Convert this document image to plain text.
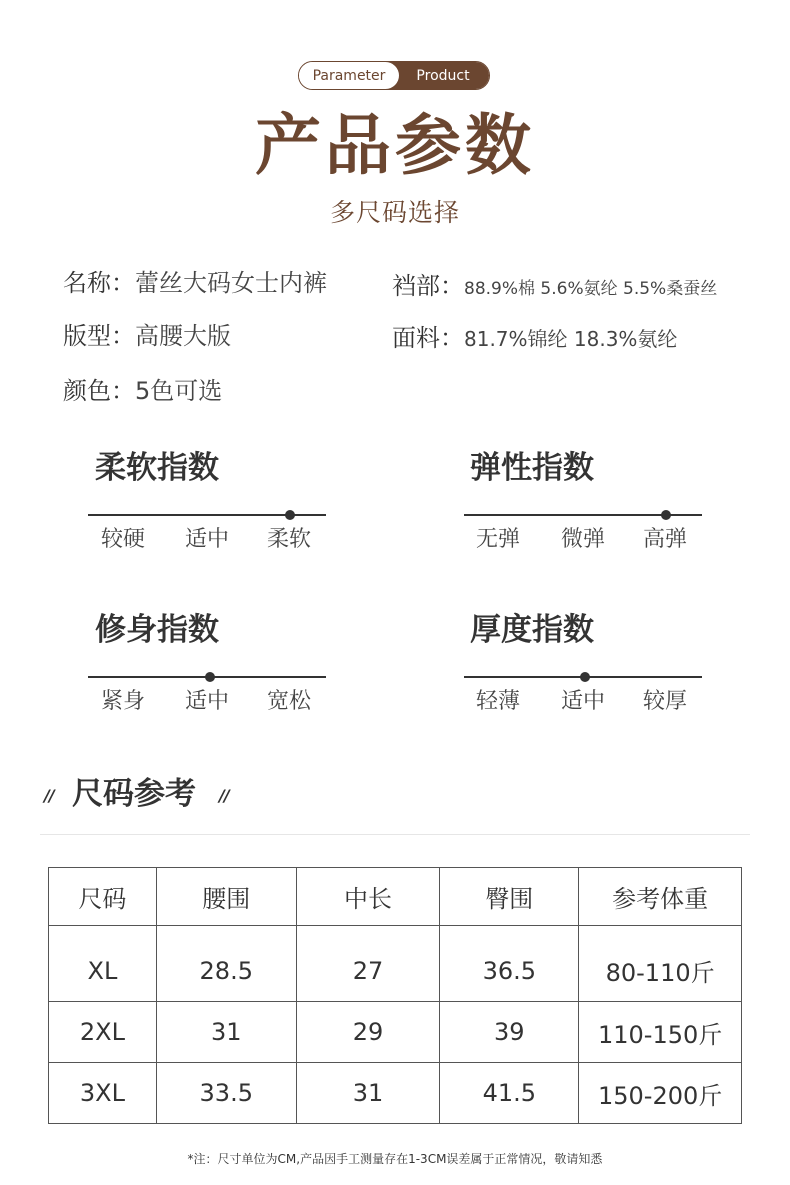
Product
Parameter
产品参数
多尺码选择
名称：蕾丝大码女士内裤	裆部：88.9%棉 5.6%氨纶 5.5%桑蚕丝
版型：高腰大版	面料：81.7%锦纶 18.3%氨纶
颜色：5色可选
柔软指数
较硬 适中 柔软
弹性指数
无弹 微弹 高弹
修身指数
紧身 适中 宽松
厚度指数
轻薄 适中 较厚
// 尺码参考 //
尺码	腰围	中长	臀围	参考体重
XL	28.5	27	36.5	80-110斤
2XL	31	29	39	110-150斤
3XL	33.5	31	41.5	150-200斤
*注：尺寸单位为CM,产品因手工测量存在1-3CM误差属于正常情况，敬请知悉
